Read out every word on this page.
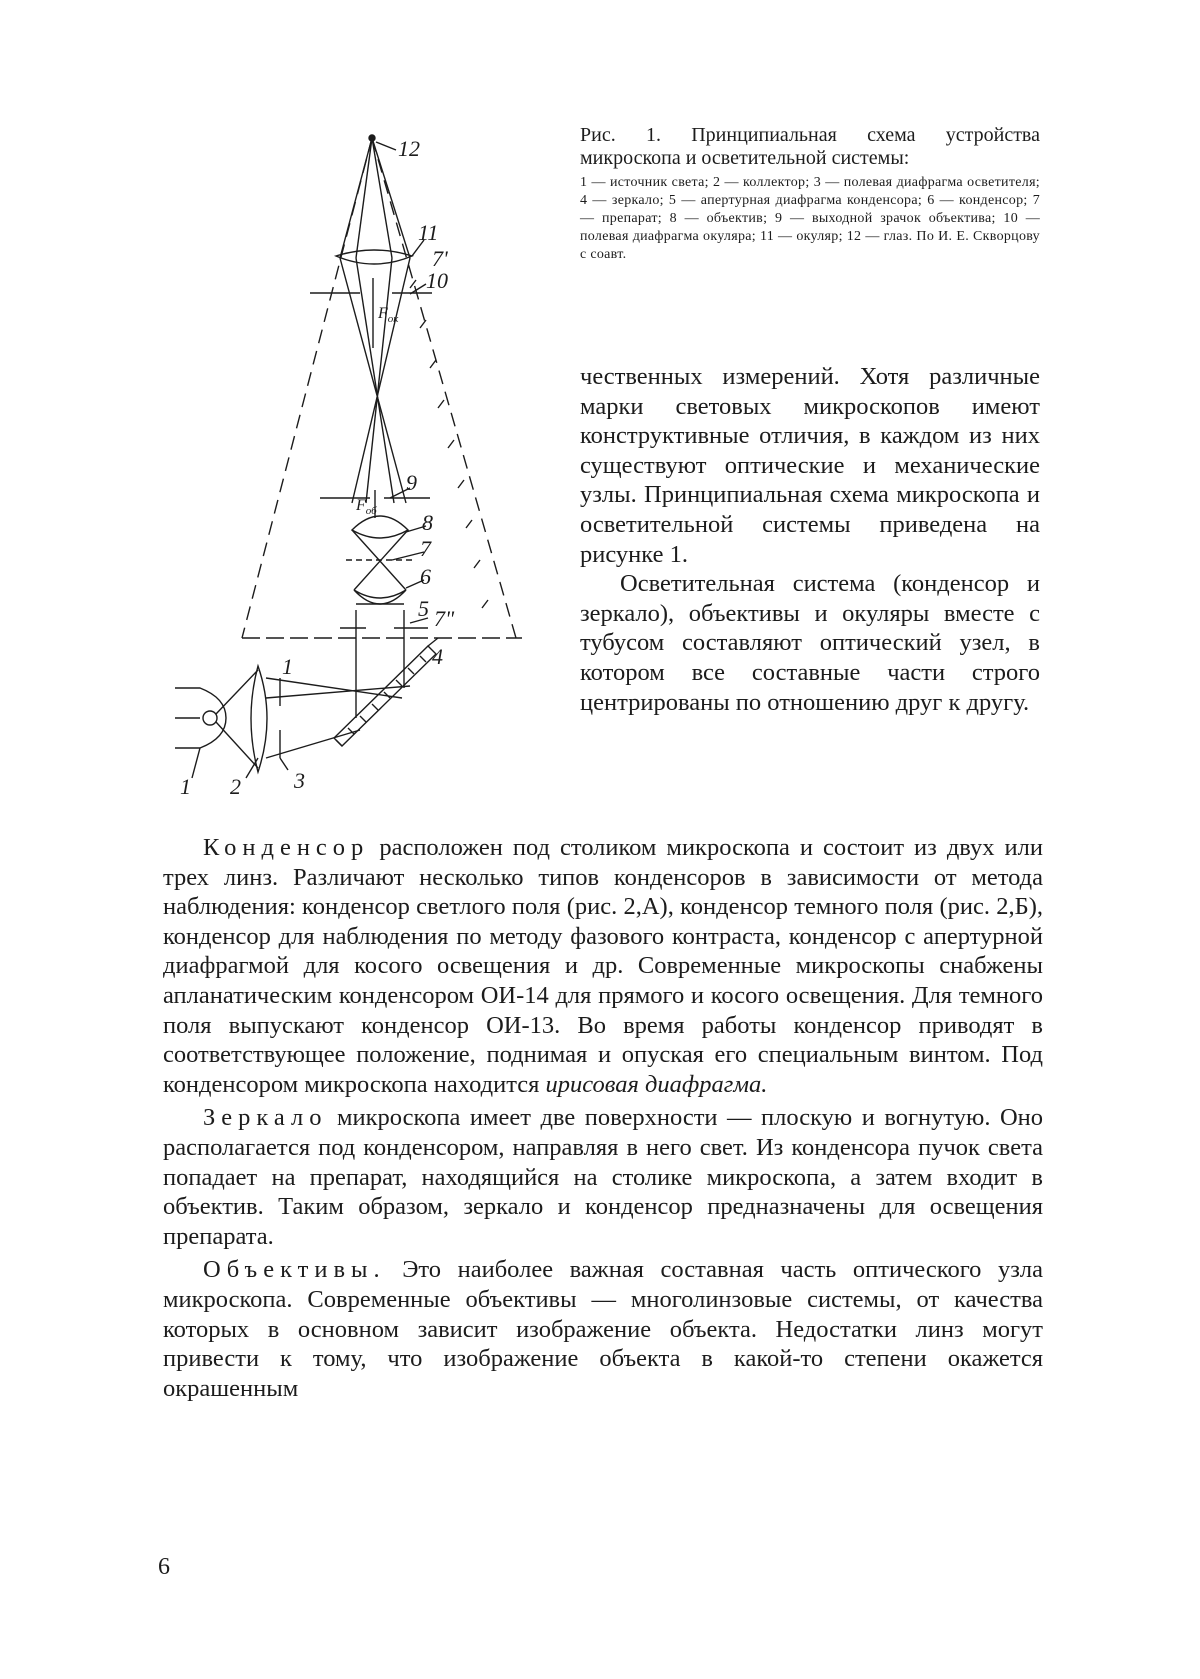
12
11
7'
10
9
8
7
6
5 7"
4
1
1 2 3
$F_{ок}$
$F_{об}$

Рис. 1. Принципиальная схема устройства микроскопа и осветительной системы:

1 — источник света; 2 — коллектор; 3 — полевая диафрагма осветителя; 4 — зеркало; 5 — апертурная диафрагма конденсора; 6 — конденсор; 7 — препарат; 8 — объектив; 9 — выходной зрачок объектива; 10 — полевая диафрагма окуляра; 11 — окуляр; 12 — глаз. По И. Е. Скворцову с соавт.

чественных измерений. Хотя различные марки световых микроскопов имеют конструктивные отличия, в каждом из них существуют оптические и механические узлы. Принципиальная схема микроскопа и осветительной системы приведена на рисунке 1.

Осветительная система (конденсор и зеркало), объективы и окуляры вместе с тубусом составляют оптический узел, в котором все составные части строго центрированы по отношению друг к другу.

Конденсор расположен под столиком микроскопа и состоит из двух или трех линз. Различают несколько типов конденсоров в зависимости от метода наблюдения: конденсор светлого поля (рис. 2,А), конденсор темного поля (рис. 2,Б), конденсор для наблюдения по методу фазового контраста, конденсор с апертурной диафрагмой для косого освещения и др. Современные микроскопы снабжены апланатическим конденсором ОИ-14 для прямого и косого освещения. Для темного поля выпускают конденсор ОИ-13. Во время работы конденсор приводят в соответствующее положение, поднимая и опуская его специальным винтом. Под конденсором микроскопа находится ирисовая диафрагма.

Зеркало микроскопа имеет две поверхности — плоскую и вогнутую. Оно располагается под конденсором, направляя в него свет. Из конденсора пучок света попадает на препарат, находящийся на столике микроскопа, а затем входит в объектив. Таким образом, зеркало и конденсор предназначены для освещения препарата.

Объективы. Это наиболее важная составная часть оптического узла микроскопа. Современные объективы — многолинзовые системы, от качества которых в основном зависит изображение объекта. Недостатки линз могут привести к тому, что изображение объекта в какой-то степени окажется окрашенным

6
